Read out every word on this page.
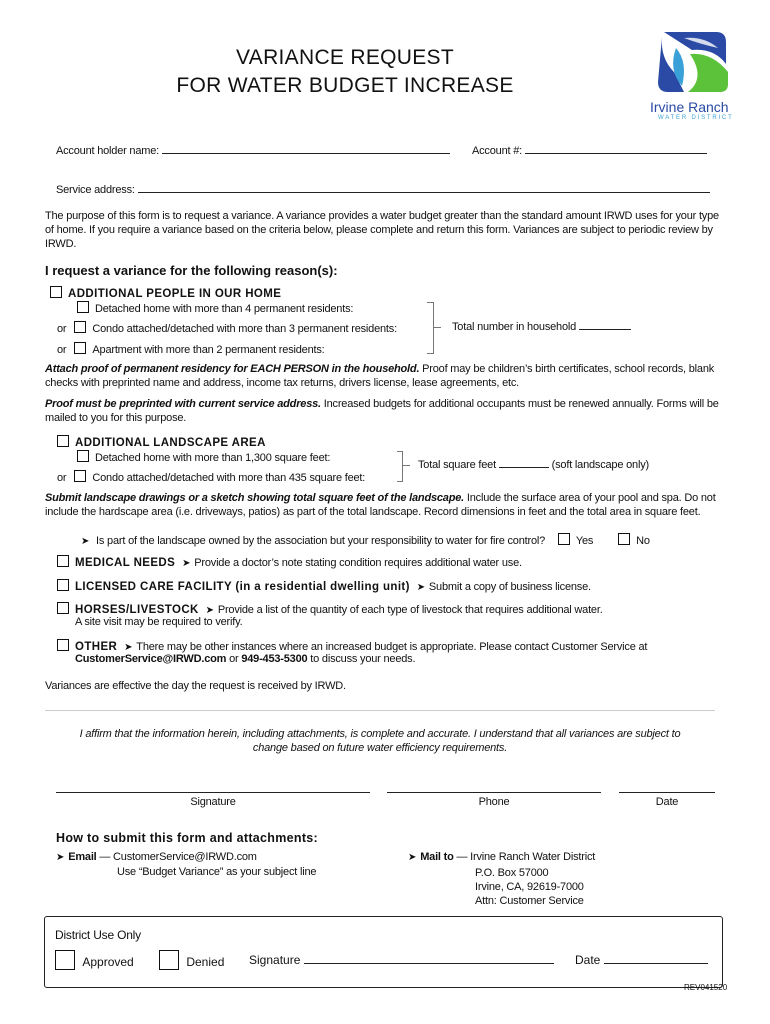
VARIANCE REQUEST
FOR WATER BUDGET INCREASE
Irvine Ranch
WATER DISTRICT
Account holder name:	Account #:
Service address:
The purpose of this form is to request a variance. A variance provides a water budget greater than the standard amount IRWD uses for your type of home. If you require a variance based on the criteria below, please complete and return this form. Variances are subject to periodic review by IRWD.
I request a variance for the following reason(s):
ADDITIONAL PEOPLE IN OUR HOME
Detached home with more than 4 permanent residents:
or Condo attached/detached with more than 3 permanent residents:
or Apartment with more than 2 permanent residents:
Total number in household
Attach proof of permanent residency for EACH PERSON in the household. Proof may be children’s birth certificates, school records, blank checks with preprinted name and address, income tax returns, drivers license, lease agreements, etc.
Proof must be preprinted with current service address. Increased budgets for additional occupants must be renewed annually. Forms will be mailed to you for this purpose.
ADDITIONAL LANDSCAPE AREA
Detached home with more than 1,300 square feet:
or Condo attached/detached with more than 435 square feet:
Total square feet	(soft landscape only)
Submit landscape drawings or a sketch showing total square feet of the landscape. Include the surface area of your pool and spa. Do not include the hardscape area (i.e. driveways, patios) as part of the total landscape. Record dimensions in feet and the total area in square feet.
➤ Is part of the landscape owned by the association but your responsibility to water for fire control?	Yes	No
MEDICAL NEEDS ➤ Provide a doctor’s note stating condition requires additional water use.
LICENSED CARE FACILITY (in a residential dwelling unit) ➤ Submit a copy of business license.
HORSES/LIVESTOCK ➤ Provide a list of the quantity of each type of livestock that requires additional water.
A site visit may be required to verify.
OTHER ➤ There may be other instances where an increased budget is appropriate. Please contact Customer Service at
CustomerService@IRWD.com or 949-453-5300 to discuss your needs.
Variances are effective the day the request is received by IRWD.
I affirm that the information herein, including attachments, is complete and accurate. I understand that all variances are subject to
change based on future water efficiency requirements.
Signature	Phone	Date
How to submit this form and attachments:
➤ Email — CustomerService@IRWD.com
Use “Budget Variance” as your subject line
➤ Mail to — Irvine Ranch Water District
P.O. Box 57000
Irvine, CA, 92619-7000
Attn: Customer Service
District Use Only
Approved	Denied Signature	Date
REV041520
